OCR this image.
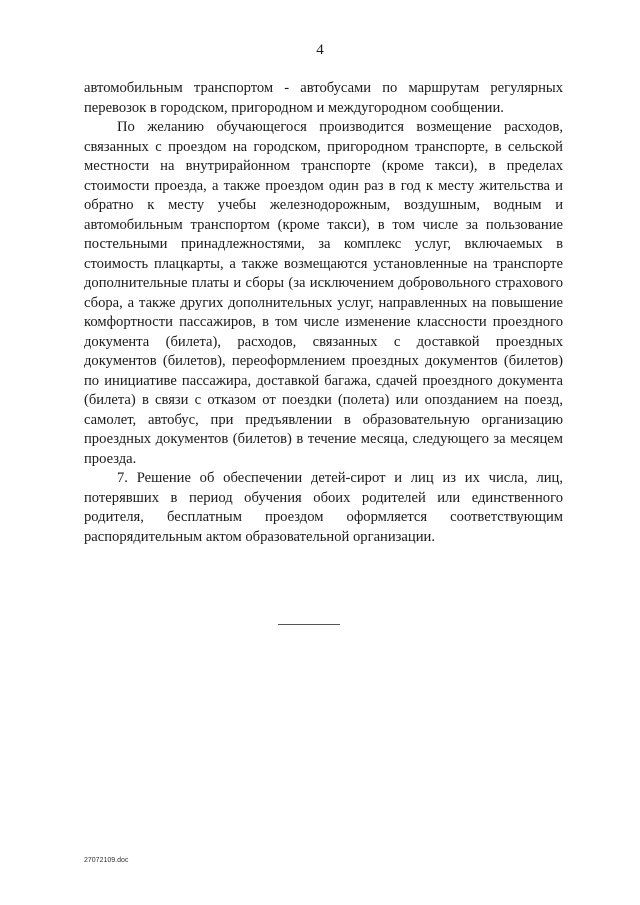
4

автомобильным транспортом - автобусами по маршрутам регулярных перевозок в городском, пригородном и междугородном сообщении.

По желанию обучающегося производится возмещение расходов, связанных с проездом на городском, пригородном транспорте, в сельской местности на внутрирайонном транспорте (кроме такси), в пределах стоимости проезда, а также проездом один раз в год к месту жительства и обратно к месту учебы железнодорожным, воздушным, водным и автомобильным транспортом (кроме такси), в том числе за пользование постельными принадлежностями, за комплекс услуг, включаемых в стоимость плацкарты, а также возмещаются установленные на транспорте дополнительные платы и сборы (за исключением добровольного страхового сбора, а также других дополнительных услуг, направленных на повышение комфортности пассажиров, в том числе изменение классности проездного документа (билета), расходов, связанных с доставкой проездных документов (билетов), переоформлением проездных документов (билетов) по инициативе пассажира, доставкой багажа, сдачей проездного документа (билета) в связи с отказом от поездки (полета) или опозданием на поезд, самолет, автобус, при предъявлении в образовательную организацию проездных документов (билетов) в течение месяца, следующего за месяцем проезда.

7. Решение об обеспечении детей-сирот и лиц из их числа, лиц, потерявших в период обучения обоих родителей или единственного родителя, бесплатным проездом оформляется соответствующим распорядительным актом образовательной организации.

27072109.doc
